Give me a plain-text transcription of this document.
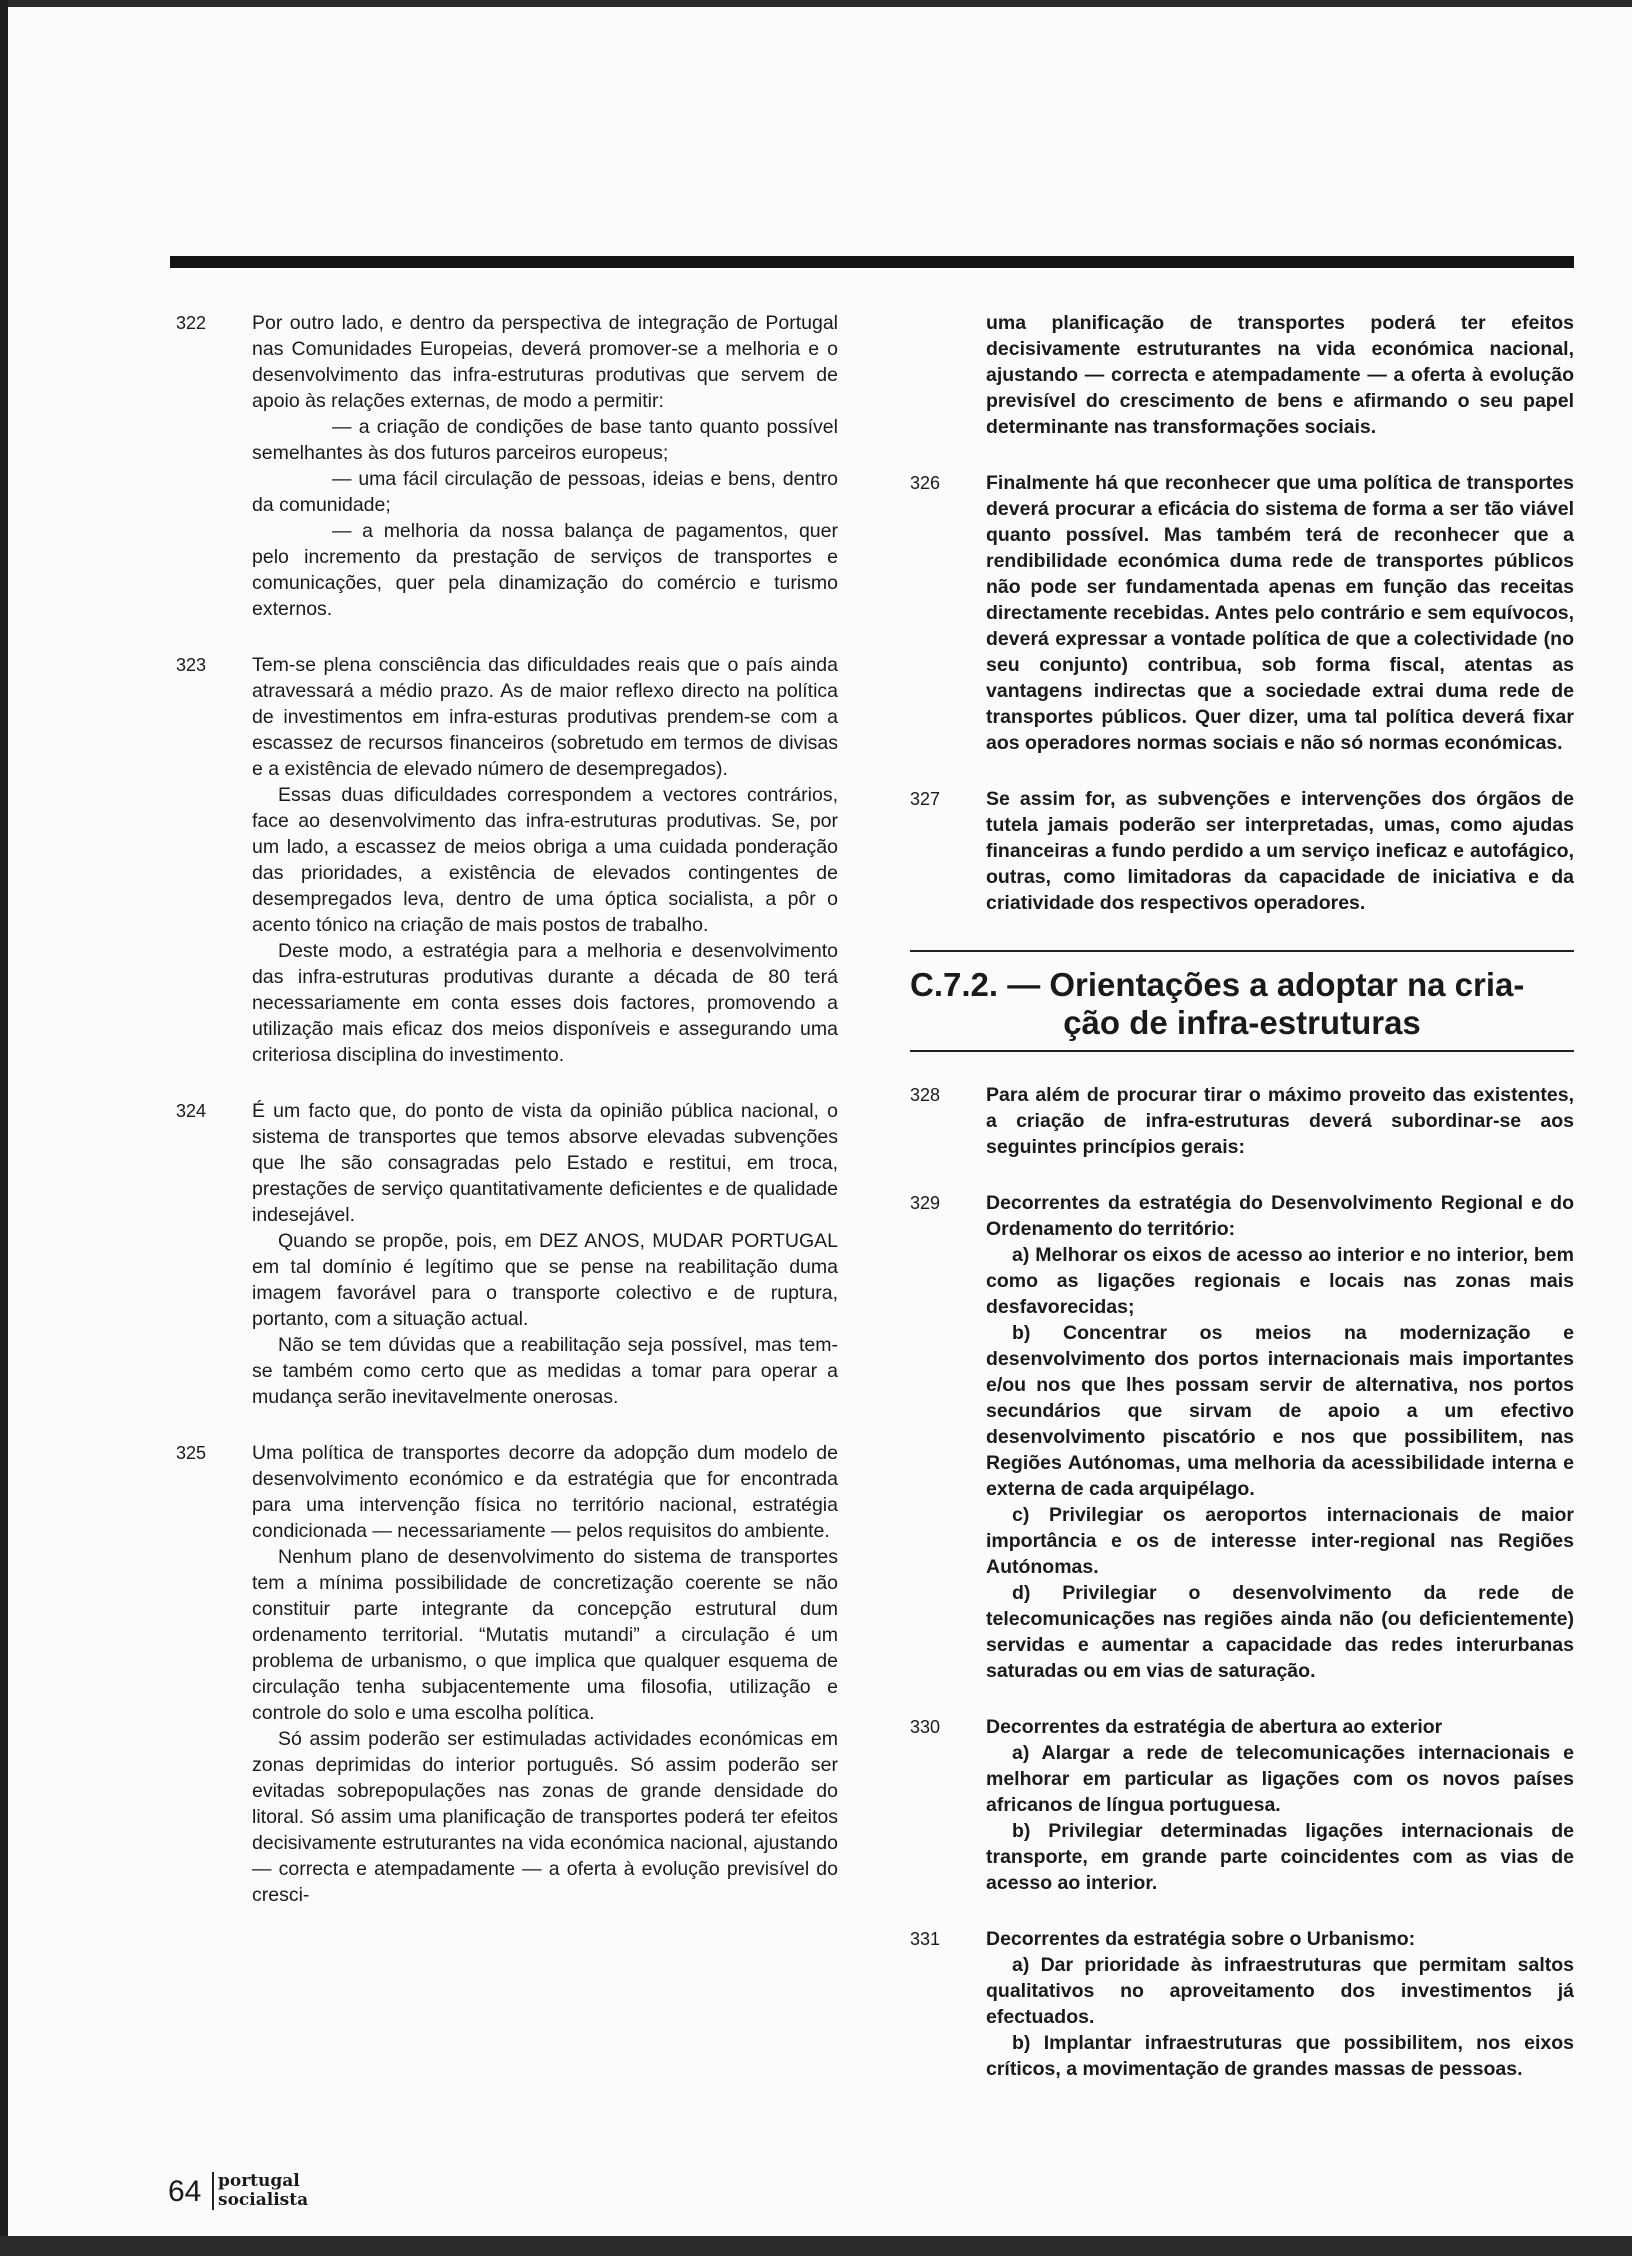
322 Por outro lado, e dentro da perspectiva de integração de Portugal nas Comunidades Europeias, deverá promover-se a melhoria e o desenvolvimento das infra-estruturas produtivas que servem de apoio às relações externas, de modo a permitir:

— a criação de condições de base tanto quanto possível semelhantes às dos futuros parceiros europeus;

— uma fácil circulação de pessoas, ideias e bens, dentro da comunidade;

— a melhoria da nossa balança de pagamentos, quer pelo incremento da prestação de serviços de transportes e comunicações, quer pela dinamização do comércio e turismo externos.

323 Tem-se plena consciência das dificuldades reais que o país ainda atravessará a médio prazo. As de maior reflexo directo na política de investimentos em infra-esturas produtivas prendem-se com a escassez de recursos financeiros (sobretudo em termos de divisas e a existência de elevado número de desempregados).

Essas duas dificuldades correspondem a vectores contrários, face ao desenvolvimento das infra-estruturas produtivas. Se, por um lado, a escassez de meios obriga a uma cuidada ponderação das prioridades, a existência de elevados contingentes de desempregados leva, dentro de uma óptica socialista, a pôr o acento tónico na criação de mais postos de trabalho.

Deste modo, a estratégia para a melhoria e desenvolvimento das infra-estruturas produtivas durante a década de 80 terá necessariamente em conta esses dois factores, promovendo a utilização mais eficaz dos meios disponíveis e assegurando uma criteriosa disciplina do investimento.

324 É um facto que, do ponto de vista da opinião pública nacional, o sistema de transportes que temos absorve elevadas subvenções que lhe são consagradas pelo Estado e restitui, em troca, prestações de serviço quantitativamente deficientes e de qualidade indesejável.

Quando se propõe, pois, em DEZ ANOS, MUDAR PORTUGAL em tal domínio é legítimo que se pense na reabilitação duma imagem favorável para o transporte colectivo e de ruptura, portanto, com a situação actual.

Não se tem dúvidas que a reabilitação seja possível, mas tem-se também como certo que as medidas a tomar para operar a mudança serão inevitavelmente onerosas.

325 Uma política de transportes decorre da adopção dum modelo de desenvolvimento económico e da estratégia que for encontrada para uma intervenção física no território nacional, estratégia condicionada — necessariamente — pelos requisitos do ambiente.

Nenhum plano de desenvolvimento do sistema de transportes tem a mínima possibilidade de concretização coerente se não constituir parte integrante da concepção estrutural dum ordenamento territorial. “Mutatis mutandi” a circulação é um problema de urbanismo, o que implica que qualquer esquema de circulação tenha subjacentemente uma filosofia, utilização e controle do solo e uma escolha política.

Só assim poderão ser estimuladas actividades económicas em zonas deprimidas do interior português. Só assim poderão ser evitadas sobrepopulações nas zonas de grande densidade do litoral. Só assim uma planificação de transportes poderá ter efeitos decisivamente estruturantes na vida económica nacional, ajustando — correcta e atempadamente — a oferta à evolução previsível do cresci-

uma planificação de transportes poderá ter efeitos decisivamente estruturantes na vida económica nacional, ajustando — correcta e atempadamente — a oferta à evolução previsível do crescimento de bens e afirmando o seu papel determinante nas transformações sociais.

326 Finalmente há que reconhecer que uma política de transportes deverá procurar a eficácia do sistema de forma a ser tão viável quanto possível. Mas também terá de reconhecer que a rendibilidade económica duma rede de transportes públicos não pode ser fundamentada apenas em função das receitas directamente recebidas. Antes pelo contrário e sem equívocos, deverá expressar a vontade política de que a colectividade (no seu conjunto) contribua, sob forma fiscal, atentas as vantagens indirectas que a sociedade extrai duma rede de transportes públicos. Quer dizer, uma tal política deverá fixar aos operadores normas sociais e não só normas económicas.

327 Se assim for, as subvenções e intervenções dos órgãos de tutela jamais poderão ser interpretadas, umas, como ajudas financeiras a fundo perdido a um serviço ineficaz e autofágico, outras, como limitadoras da capacidade de iniciativa e da criatividade dos respectivos operadores.

C.7.2. — Orientações a adoptar na cria-
ção de infra-estruturas
328 Para além de procurar tirar o máximo proveito das existentes, a criação de infra-estruturas deverá subordinar-se aos seguintes princípios gerais:

329 Decorrentes da estratégia do Desenvolvimento Regional e do Ordenamento do território:

a) Melhorar os eixos de acesso ao interior e no interior, bem como as ligações regionais e locais nas zonas mais desfavorecidas;

b) Concentrar os meios na modernização e desenvolvimento dos portos internacionais mais importantes e/ou nos que lhes possam servir de alternativa, nos portos secundários que sirvam de apoio a um efectivo desenvolvimento piscatório e nos que possibilitem, nas Regiões Autónomas, uma melhoria da acessibilidade interna e externa de cada arquipélago.

c) Privilegiar os aeroportos internacionais de maior importância e os de interesse inter-regional nas Regiões Autónomas.

d) Privilegiar o desenvolvimento da rede de telecomunicações nas regiões ainda não (ou deficientemente) servidas e aumentar a capacidade das redes interurbanas saturadas ou em vias de saturação.

330 Decorrentes da estratégia de abertura ao exterior

a) Alargar a rede de telecomunicações internacionais e melhorar em particular as ligações com os novos países africanos de língua portuguesa.

b) Privilegiar determinadas ligações internacionais de transporte, em grande parte coincidentes com as vias de acesso ao interior.

331 Decorrentes da estratégia sobre o Urbanismo:

a) Dar prioridade às infraestruturas que permitam saltos qualitativos no aproveitamento dos investimentos já efectuados.

b) Implantar infraestruturas que possibilitem, nos eixos críticos, a movimentação de grandes massas de pessoas.

64 portugal
socialista
